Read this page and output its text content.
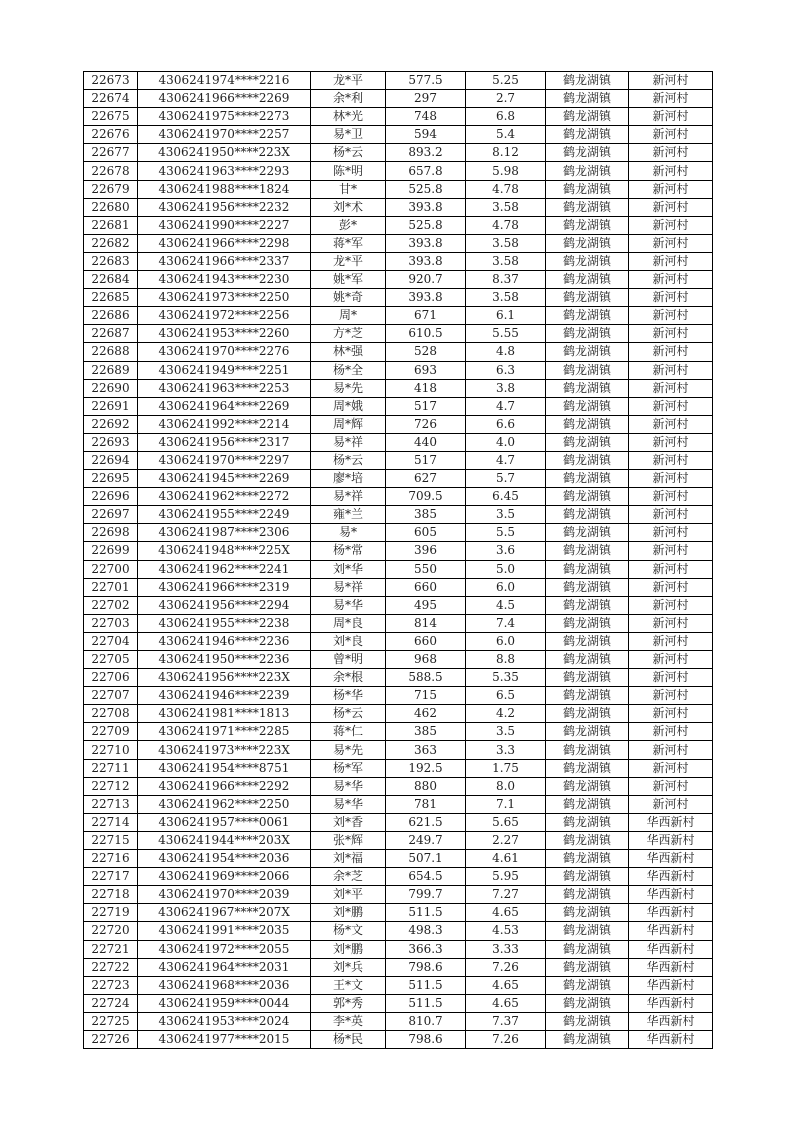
22673	4306241974****2216	龙*平	577.5	5.25	鹤龙湖镇	新河村
22674	4306241966****2269	余*利	297	2.7	鹤龙湖镇	新河村
22675	4306241975****2273	林*光	748	6.8	鹤龙湖镇	新河村
22676	4306241970****2257	易*卫	594	5.4	鹤龙湖镇	新河村
22677	4306241950****223X	杨*云	893.2	8.12	鹤龙湖镇	新河村
22678	4306241963****2293	陈*明	657.8	5.98	鹤龙湖镇	新河村
22679	4306241988****1824	甘*	525.8	4.78	鹤龙湖镇	新河村
22680	4306241956****2232	刘*术	393.8	3.58	鹤龙湖镇	新河村
22681	4306241990****2227	彭*	525.8	4.78	鹤龙湖镇	新河村
22682	4306241966****2298	蒋*军	393.8	3.58	鹤龙湖镇	新河村
22683	4306241966****2337	龙*平	393.8	3.58	鹤龙湖镇	新河村
22684	4306241943****2230	姚*军	920.7	8.37	鹤龙湖镇	新河村
22685	4306241973****2250	姚*奇	393.8	3.58	鹤龙湖镇	新河村
22686	4306241972****2256	周*	671	6.1	鹤龙湖镇	新河村
22687	4306241953****2260	方*芝	610.5	5.55	鹤龙湖镇	新河村
22688	4306241970****2276	林*强	528	4.8	鹤龙湖镇	新河村
22689	4306241949****2251	杨*全	693	6.3	鹤龙湖镇	新河村
22690	4306241963****2253	易*先	418	3.8	鹤龙湖镇	新河村
22691	4306241964****2269	周*娥	517	4.7	鹤龙湖镇	新河村
22692	4306241992****2214	周*辉	726	6.6	鹤龙湖镇	新河村
22693	4306241956****2317	易*祥	440	4.0	鹤龙湖镇	新河村
22694	4306241970****2297	杨*云	517	4.7	鹤龙湖镇	新河村
22695	4306241945****2269	廖*培	627	5.7	鹤龙湖镇	新河村
22696	4306241962****2272	易*祥	709.5	6.45	鹤龙湖镇	新河村
22697	4306241955****2249	雍*兰	385	3.5	鹤龙湖镇	新河村
22698	4306241987****2306	易*	605	5.5	鹤龙湖镇	新河村
22699	4306241948****225X	杨*常	396	3.6	鹤龙湖镇	新河村
22700	4306241962****2241	刘*华	550	5.0	鹤龙湖镇	新河村
22701	4306241966****2319	易*祥	660	6.0	鹤龙湖镇	新河村
22702	4306241956****2294	易*华	495	4.5	鹤龙湖镇	新河村
22703	4306241955****2238	周*良	814	7.4	鹤龙湖镇	新河村
22704	4306241946****2236	刘*良	660	6.0	鹤龙湖镇	新河村
22705	4306241950****2236	曾*明	968	8.8	鹤龙湖镇	新河村
22706	4306241956****223X	余*根	588.5	5.35	鹤龙湖镇	新河村
22707	4306241946****2239	杨*华	715	6.5	鹤龙湖镇	新河村
22708	4306241981****1813	杨*云	462	4.2	鹤龙湖镇	新河村
22709	4306241971****2285	蒋*仁	385	3.5	鹤龙湖镇	新河村
22710	4306241973****223X	易*先	363	3.3	鹤龙湖镇	新河村
22711	4306241954****8751	杨*军	192.5	1.75	鹤龙湖镇	新河村
22712	4306241966****2292	易*华	880	8.0	鹤龙湖镇	新河村
22713	4306241962****2250	易*华	781	7.1	鹤龙湖镇	新河村
22714	4306241957****0061	刘*香	621.5	5.65	鹤龙湖镇	华西新村
22715	4306241944****203X	张*辉	249.7	2.27	鹤龙湖镇	华西新村
22716	4306241954****2036	刘*福	507.1	4.61	鹤龙湖镇	华西新村
22717	4306241969****2066	余*芝	654.5	5.95	鹤龙湖镇	华西新村
22718	4306241970****2039	刘*平	799.7	7.27	鹤龙湖镇	华西新村
22719	4306241967****207X	刘*鹏	511.5	4.65	鹤龙湖镇	华西新村
22720	4306241991****2035	杨*文	498.3	4.53	鹤龙湖镇	华西新村
22721	4306241972****2055	刘*鹏	366.3	3.33	鹤龙湖镇	华西新村
22722	4306241964****2031	刘*兵	798.6	7.26	鹤龙湖镇	华西新村
22723	4306241968****2036	王*文	511.5	4.65	鹤龙湖镇	华西新村
22724	4306241959****0044	郭*秀	511.5	4.65	鹤龙湖镇	华西新村
22725	4306241953****2024	李*英	810.7	7.37	鹤龙湖镇	华西新村
22726	4306241977****2015	杨*民	798.6	7.26	鹤龙湖镇	华西新村
